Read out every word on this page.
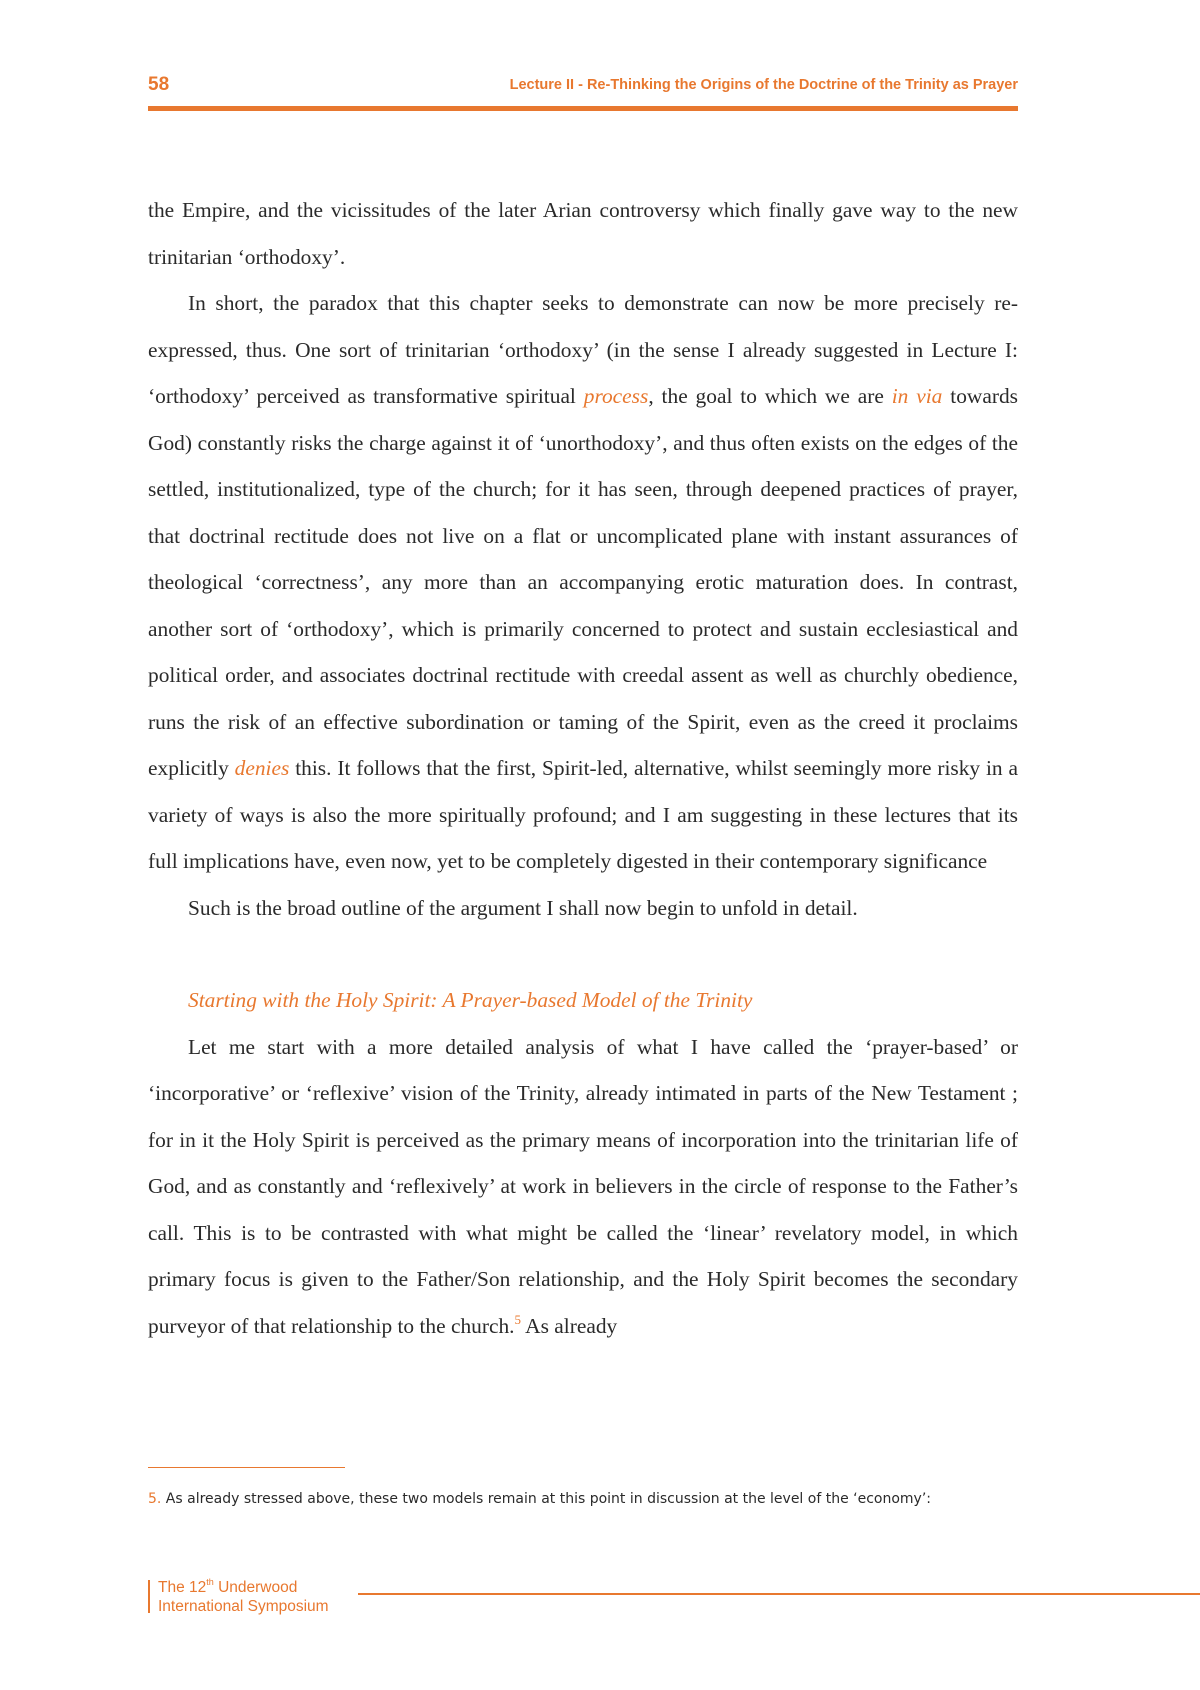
58	Lecture II - Re-Thinking the Origins of the Doctrine of the Trinity as Prayer

the Empire, and the vicissitudes of the later Arian controversy which finally gave way to the new trinitarian ‘orthodoxy’.

In short, the paradox that this chapter seeks to demonstrate can now be more precisely re-expressed, thus. One sort of trinitarian ‘orthodoxy’ (in the sense I already suggested in Lecture I: ‘orthodoxy’ perceived as transformative spiritual process, the goal to which we are in via towards God) constantly risks the charge against it of ‘unorthodoxy’, and thus often exists on the edges of the settled, institutionalized, type of the church; for it has seen, through deepened practices of prayer, that doctrinal rectitude does not live on a flat or uncomplicated plane with instant assurances of theological ‘correctness’, any more than an accompanying erotic maturation does. In contrast, another sort of ‘orthodoxy’, which is primarily concerned to protect and sustain ecclesiastical and political order, and associates doctrinal rectitude with creedal assent as well as churchly obedience, runs the risk of an effective subordination or taming of the Spirit, even as the creed it proclaims explicitly denies this. It follows that the first, Spirit-led, alternative, whilst seemingly more risky in a variety of ways is also the more spiritually profound; and I am suggesting in these lectures that its full implications have, even now, yet to be completely digested in their contemporary significance

Such is the broad outline of the argument I shall now begin to unfold in detail.

Starting with the Holy Spirit: A Prayer-based Model of the Trinity

Let me start with a more detailed analysis of what I have called the ‘prayer-based’ or ‘incorporative’ or ‘reflexive’ vision of the Trinity, already intimated in parts of the New Testament ; for in it the Holy Spirit is perceived as the primary means of incorporation into the trinitarian life of God, and as constantly and ‘reflexively’ at work in believers in the circle of response to the Father’s call. This is to be contrasted with what might be called the ‘linear’ revelatory model, in which primary focus is given to the Father/Son relationship, and the Holy Spirit becomes the secondary purveyor of that relationship to the church.$^5$ As already

5. As already stressed above, these two models remain at this point in discussion at the level of the ‘economy’:
The 12th Underwood
International Symposium
